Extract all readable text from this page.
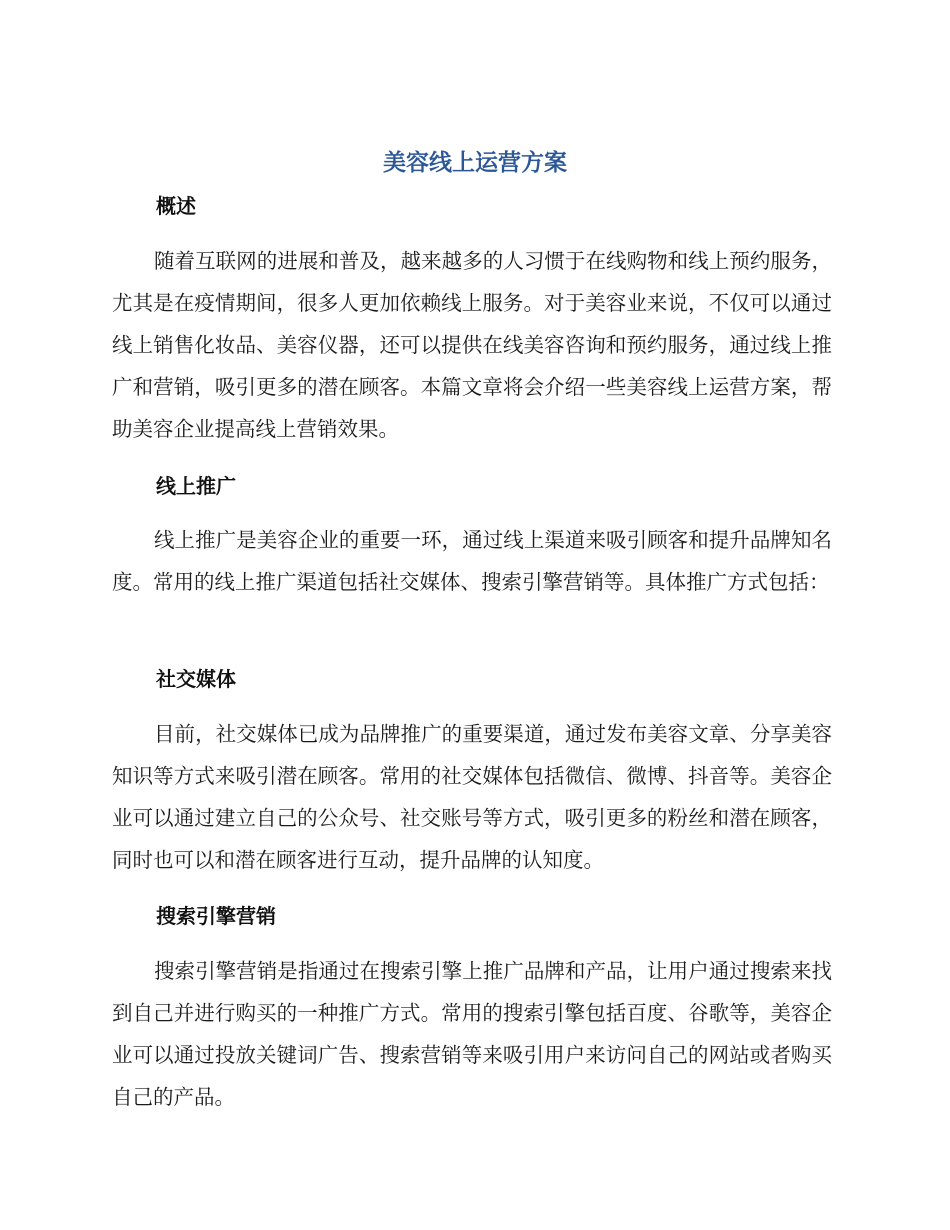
美容线上运营方案
概述

随着互联网的进展和普及，越来越多的人习惯于在线购物和线上预约服务，尤其是在疫情期间，很多人更加依赖线上服务。对于美容业来说，不仅可以通过线上销售化妆品、美容仪器，还可以提供在线美容咨询和预约服务，通过线上推广和营销，吸引更多的潜在顾客。本篇文章将会介绍一些美容线上运营方案，帮助美容企业提高线上营销效果。

线上推广

线上推广是美容企业的重要一环，通过线上渠道来吸引顾客和提升品牌知名度。常用的线上推广渠道包括社交媒体、搜索引擎营销等。具体推广方式包括：

社交媒体

目前，社交媒体已成为品牌推广的重要渠道，通过发布美容文章、分享美容知识等方式来吸引潜在顾客。常用的社交媒体包括微信、微博、抖音等。美容企业可以通过建立自己的公众号、社交账号等方式，吸引更多的粉丝和潜在顾客，同时也可以和潜在顾客进行互动，提升品牌的认知度。

搜索引擎营销

搜索引擎营销是指通过在搜索引擎上推广品牌和产品，让用户通过搜索来找到自己并进行购买的一种推广方式。常用的搜索引擎包括百度、谷歌等，美容企业可以通过投放关键词广告、搜索营销等来吸引用户来访问自己的网站或者购买自己的产品。
